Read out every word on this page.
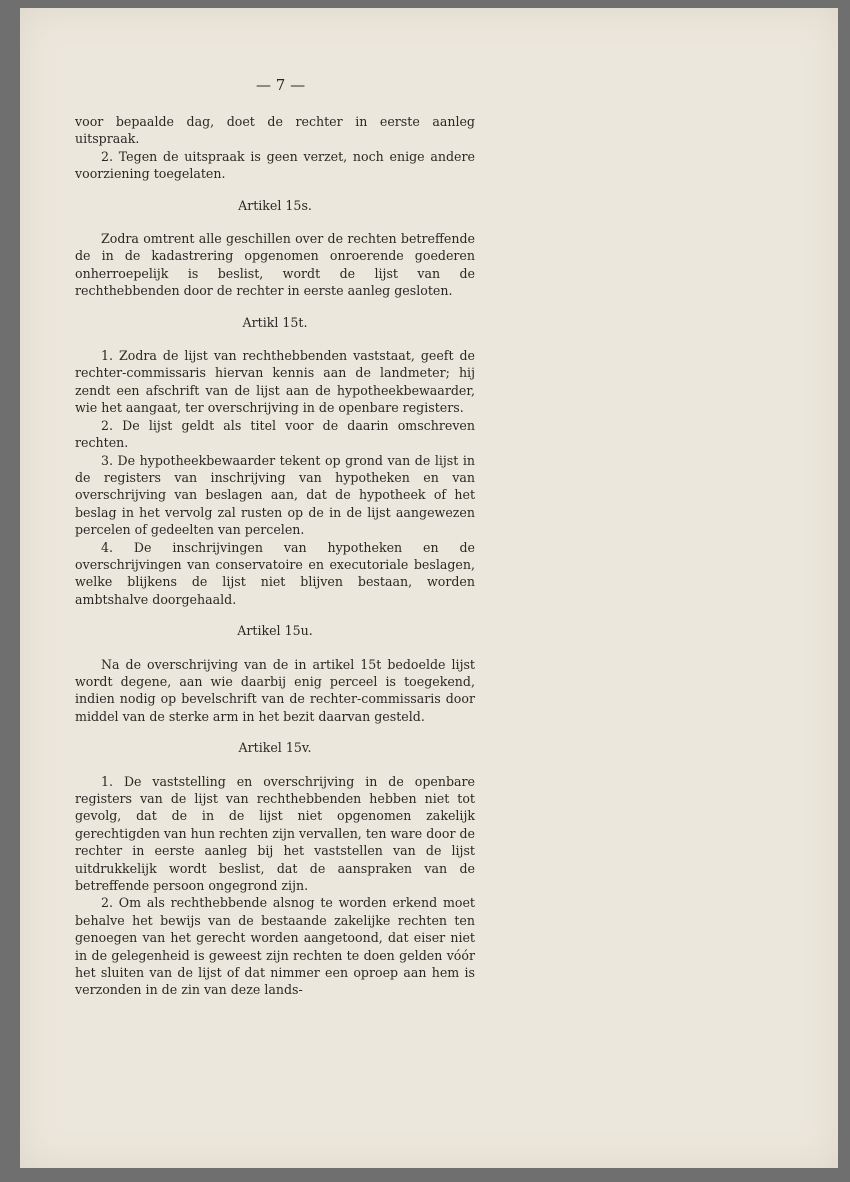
— 7 —

voor bepaalde dag, doet de rechter in eerste aanleg uitspraak.

2. Tegen de uitspraak is geen verzet, noch enige andere voorziening toegelaten.

Artikel 15s.

Zodra omtrent alle geschillen over de rechten betreffende de in de kadastrering opgenomen onroerende goederen onherroepelijk is beslist, wordt de lijst van de rechthebbenden door de rechter in eerste aanleg gesloten.

Artikl 15t.

1. Zodra de lijst van rechthebbenden vaststaat, geeft de rechter-commissaris hiervan kennis aan de landmeter; hij zendt een afschrift van de lijst aan de hypotheekbewaarder, wie het aangaat, ter overschrijving in de openbare registers.

2. De lijst geldt als titel voor de daarin omschreven rechten.

3. De hypotheekbewaarder tekent op grond van de lijst in de registers van inschrijving van hypotheken en van overschrijving van beslagen aan, dat de hypotheek of het beslag in het vervolg zal rusten op de in de lijst aangewezen percelen of gedeelten van percelen.

4. De inschrijvingen van hypotheken en de overschrijvingen van conservatoire en executoriale beslagen, welke blijkens de lijst niet blijven bestaan, worden ambtshalve doorgehaald.

Artikel 15u.

Na de overschrijving van de in artikel 15t bedoelde lijst wordt degene, aan wie daarbij enig perceel is toegekend, indien nodig op bevelschrift van de rechter-commissaris door middel van de sterke arm in het bezit daarvan gesteld.

Artikel 15v.

1. De vaststelling en overschrijving in de openbare registers van de lijst van rechthebbenden hebben niet tot gevolg, dat de in de lijst niet opgenomen zakelijk gerechtigden van hun rechten zijn vervallen, ten ware door de rechter in eerste aanleg bij het vaststellen van de lijst uitdrukkelijk wordt beslist, dat de aanspraken van de betreffende persoon ongegrond zijn.

2. Om als rechthebbende alsnog te worden erkend moet behalve het bewijs van de bestaande zakelijke rechten ten genoegen van het gerecht worden aangetoond, dat eiser niet in de gelegenheid is geweest zijn rechten te doen gelden vóór het sluiten van de lijst of dat nimmer een oproep aan hem is verzonden in de zin van deze lands-
